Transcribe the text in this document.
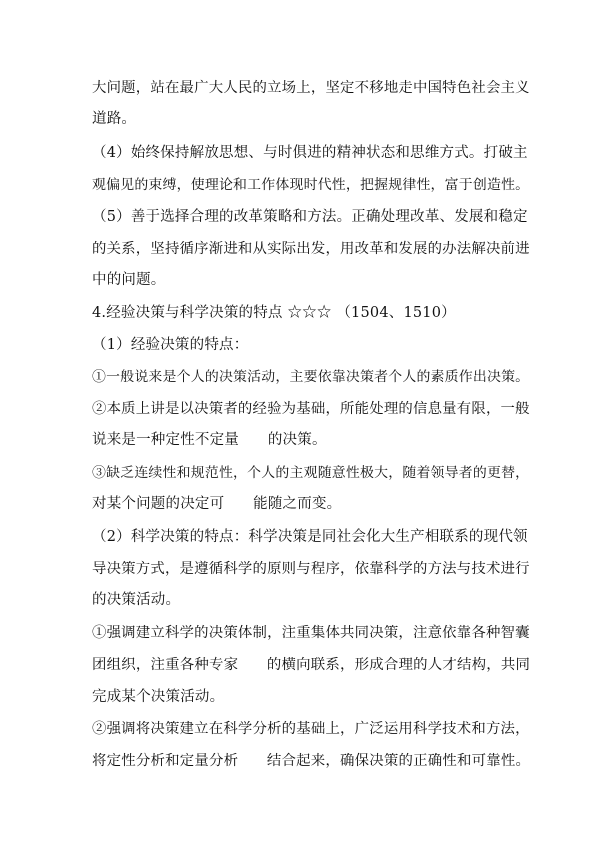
大问题，站在最广大人民的立场上，坚定不移地走中国特色社会主义
道路。
（4）始终保持解放思想、与时俱进的精神状态和思维方式。打破主
观偏见的束缚，使理论和工作体现时代性，把握规律性，富于创造性。
（5）善于选择合理的改革策略和方法。正确处理改革、发展和稳定
的关系，坚持循序渐进和从实际出发，用改革和发展的办法解决前进
中的问题。
4.经验决策与科学决策的特点 ☆☆☆ （1504、1510）
（1）经验决策的特点：
①一般说来是个人的决策活动，主要依靠决策者个人的素质作出决策。
②本质上讲是以决策者的经验为基础，所能处理的信息量有限，一般
说来是一种定性不定量      的决策。
③缺乏连续性和规范性，个人的主观随意性极大，随着领导者的更替，
对某个问题的决定可      能随之而变。
（2）科学决策的特点：科学决策是同社会化大生产相联系的现代领
导决策方式，是遵循科学的原则与程序，依靠科学的方法与技术进行
的决策活动。
①强调建立科学的决策体制，注重集体共同决策，注意依靠各种智囊
团组织，注重各种专家      的横向联系，形成合理的人才结构，共同
完成某个决策活动。
②强调将决策建立在科学分析的基础上，广泛运用科学技术和方法，
将定性分析和定量分析      结合起来，确保决策的正确性和可靠性。
